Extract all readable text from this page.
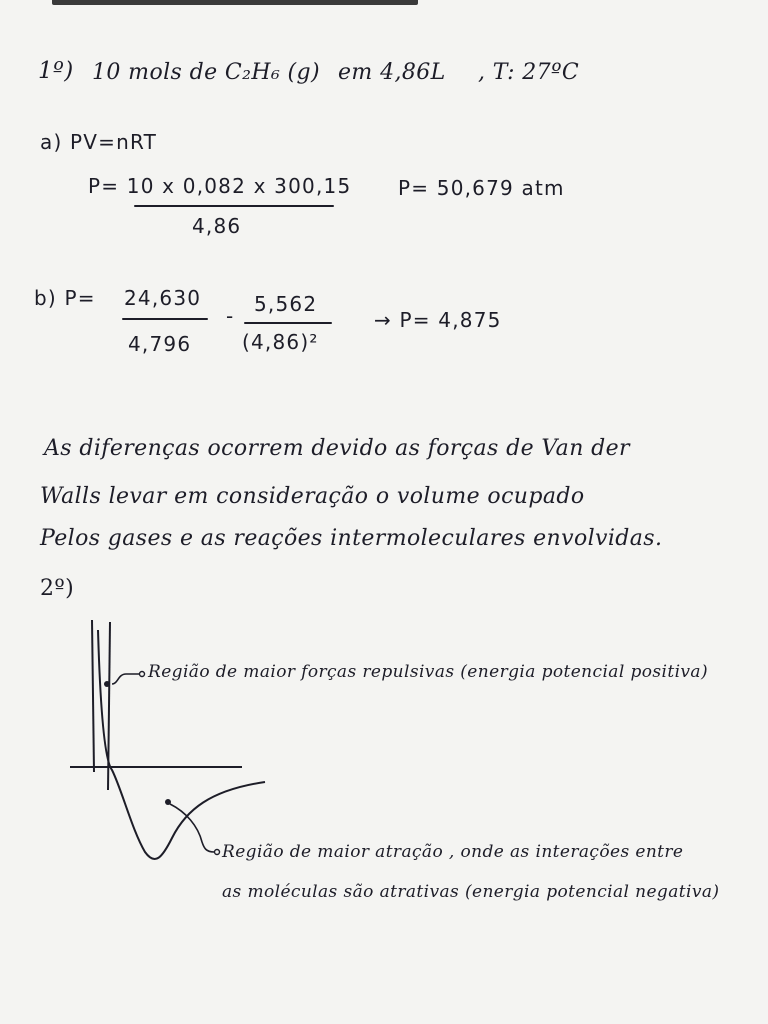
1º) 10 mols de C₂H₆ (g) em 4,86L , T: 27ºC
a) PV=nRT
P= 10 x 0,082 x 300,15
4,86
P= 50,679 atm
b) P= 24,630
4,796
- 5,562
(4,86)²
→ P= 4,875
As diferenças ocorrem devido as forças de Van der
Walls levar em consideração o volume ocupado
Pelos gases e as reações intermoleculares envolvidas.
2º)
Região de maior forças repulsivas (energia potencial positiva)
Região de maior atração , onde as interações entre
as moléculas são atrativas (energia potencial negativa)
